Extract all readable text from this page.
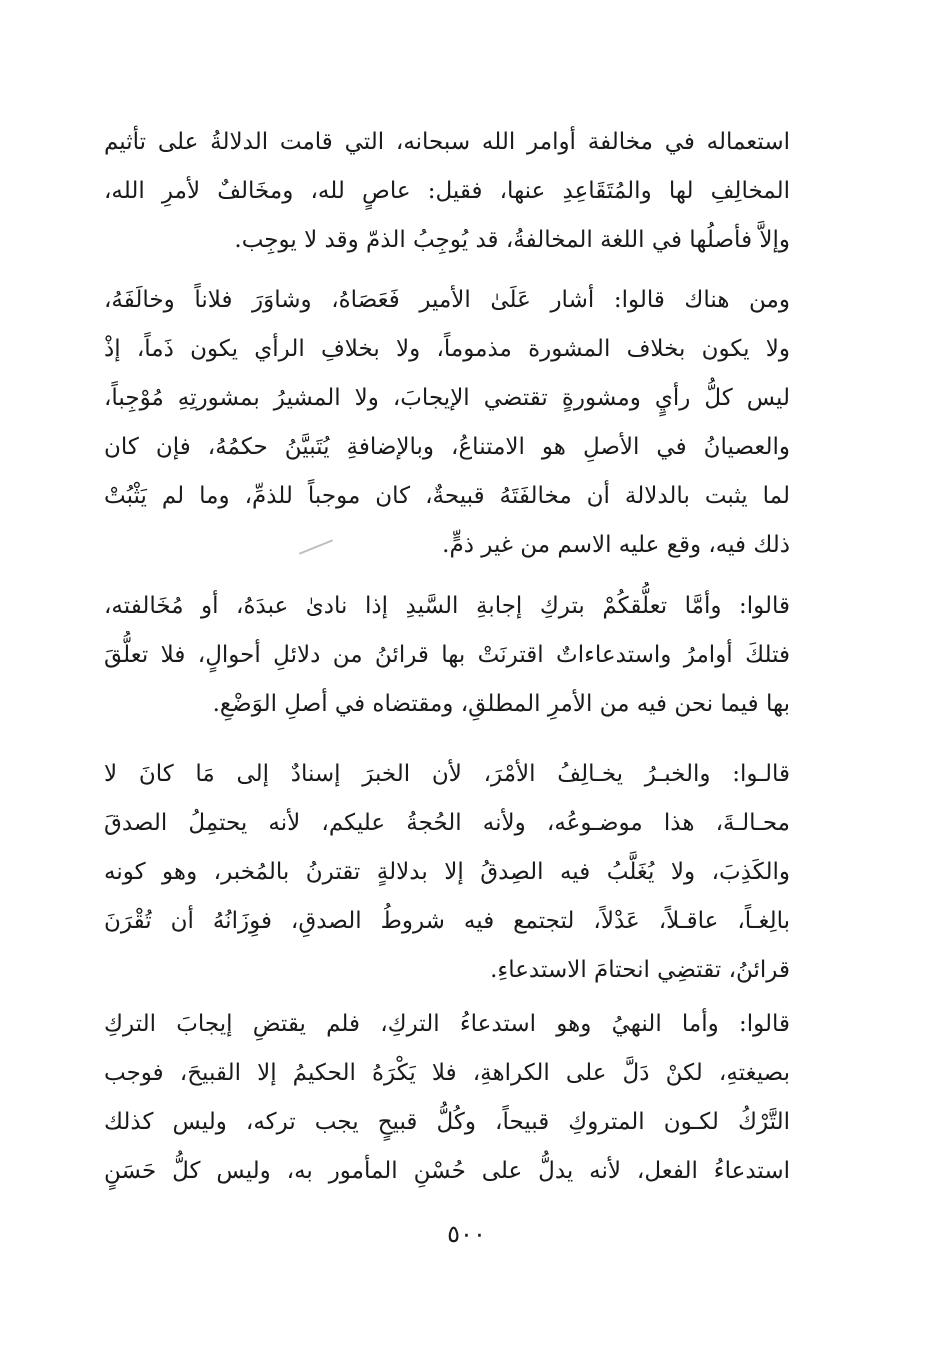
استعماله في مخالفة أوامر الله سبحانه، التي قامت الدلالةُ على تأثيم
المخالِفِ لها والمُتَقَاعِدِ عنها، فقيل: عاصٍ لله، ومخَالفٌ لأمرِ الله،
وإلاَّ فأصلُها في اللغة المخالفةُ، قد يُوجِبُ الذمّ وقد لا يوجِب.
ومن هناك قالوا: أشار عَلَىٰ الأمير فَعَصَاهُ، وشاوَرَ فلاناً وخالَفَهُ،
ولا يكون بخلاف المشورة مذموماً، ولا بخلافِ الرأي يكون ذَماً، إذْ
ليس كلُّ رأيٍ ومشورةٍ تقتضي الإيجابَ، ولا المشيرُ بمشورتِهِ مُوْجِباً،
والعصيانُ في الأصلِ هو الامتناعُ، وبالإضافةِ يُتَبيَّنُ حكمُهُ، فإن كان
لما يثبت بالدلالة أن مخالفَتَهُ قبيحةٌ، كان موجباً للذمِّ، وما لم يَثْبُتْ
ذلك فيه، وقع عليه الاسم من غير ذمٍّ.
قالوا: وأمَّا تعلُّقكُمْ بتركِ إجابةِ السَّيدِ إذا نادىٰ عبدَهُ، أو مُخَالفته،
فتلكَ أوامرُ واستدعاءاتٌ اقترنَتْ بها قرائنُ من دلائلِ أحوالٍ، فلا تعلُّقَ
بها فيما نحن فيه من الأمرِ المطلقِ، ومقتضاه في أصلِ الوَضْعِ.
قالـوا: والخبـرُ يخـالِفُ الأمْرَ، لأن الخبرَ إسنادٌ إلى مَا كانَ لا
محـالـةَ، هذا موضـوعُه، ولأنه الحُجةُ عليكم، لأنه يحتمِلُ الصدقَ
والكَذِبَ، ولا يُغَلَّبُ فيه الصِدقُ إلا بدلالةٍ تقترنُ بالمُخبر، وهو كونه
بالِغـاً، عاقـلاً، عَدْلاً، لتجتمع فيه شروطُ الصدقِ، فوِزَانُهُ أن تُقْرَنَ
قرائنُ، تقتضِي انحتامَ الاستدعاءِ.
قالوا: وأما النهيُ وهو استدعاءُ التركِ، فلم يقتضِ إيجابَ التركِ
بصيغتهِ، لكنْ دَلَّ على الكراهةِ، فلا يَكْرَهُ الحكيمُ إلا القبيحَ، فوجب
التَّرْكُ لكـون المتروكِ قبيحاً، وكُلُّ قبيحٍ يجب تركه، وليس كذلك
استدعاءُ الفعل، لأنه يدلُّ على حُسْنِ المأمور به، وليس كلُّ حَسَنٍ
٥٠٠
